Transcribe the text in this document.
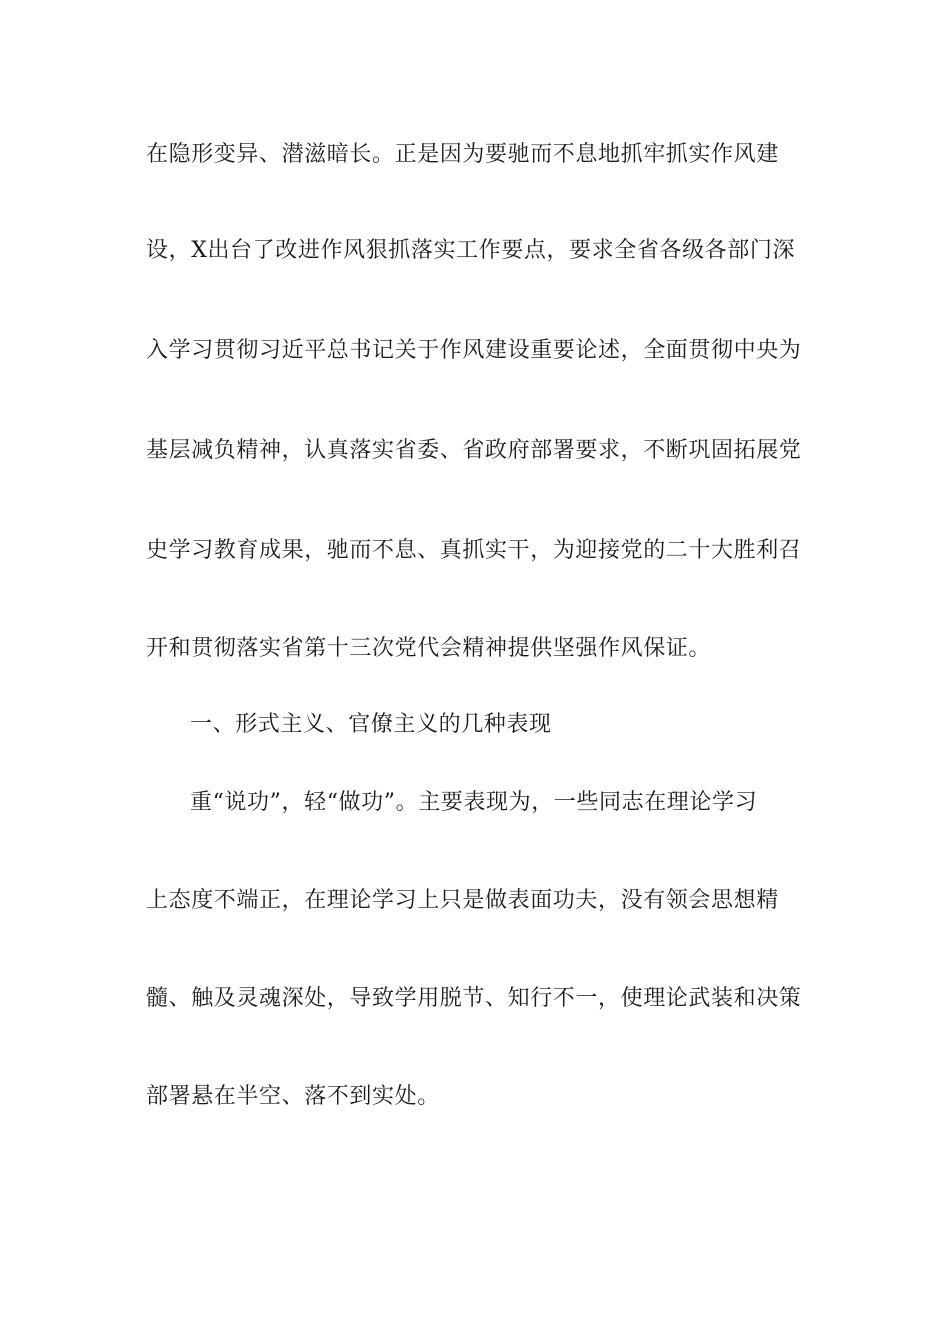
在隐形变异、潜滋暗长。正是因为要驰而不息地抓牢抓实作风建

设，X出台了改进作风狠抓落实工作要点，要求全省各级各部门深

入学习贯彻习近平总书记关于作风建设重要论述，全面贯彻中央为

基层减负精神，认真落实省委、省政府部署要求，不断巩固拓展党

史学习教育成果，驰而不息、真抓实干，为迎接党的二十大胜利召

开和贯彻落实省第十三次党代会精神提供坚强作风保证。

一、形式主义、官僚主义的几种表现

重“说功”，轻“做功”。主要表现为，一些同志在理论学习

上态度不端正，在理论学习上只是做表面功夫，没有领会思想精

髓、触及灵魂深处，导致学用脱节、知行不一，使理论武装和决策

部署悬在半空、落不到实处。
